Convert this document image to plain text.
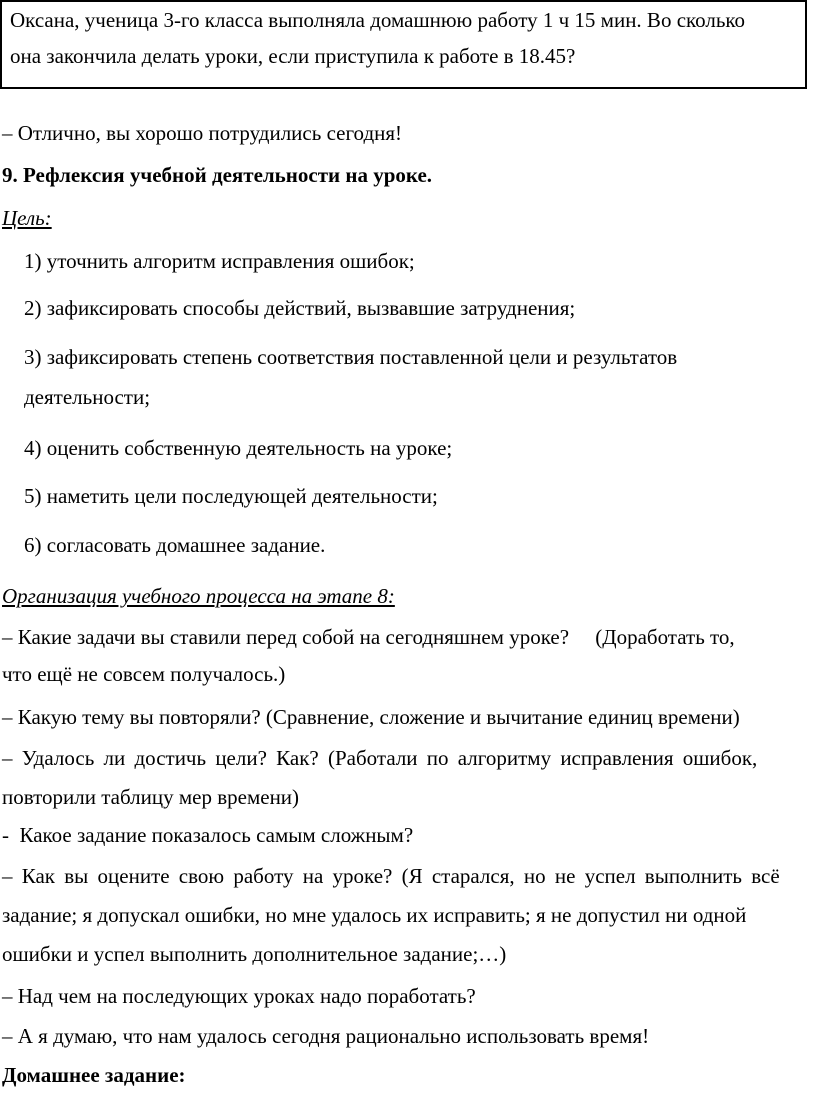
Оксана, ученица 3-го класса выполняла домашнюю работу 1 ч 15 мин. Во сколько
она закончила делать уроки, если приступила к работе в 18.45?
– Отлично, вы хорошо потрудились сегодня!
9. Рефлексия учебной деятельности на уроке.
Цель:
1) уточнить алгоритм исправления ошибок;
2) зафиксировать способы действий, вызвавшие затруднения;
3) зафиксировать степень соответствия поставленной цели и результатов
деятельности;
4) оценить собственную деятельность на уроке;
5) наметить цели последующей деятельности;
6) согласовать домашнее задание.
Организация учебного процесса на этапе 8:
– Какие задачи вы ставили перед собой на сегодняшнем уроке?     (Доработать то,
что ещё не совсем получалось.)
– Какую тему вы повторяли? (Сравнение, сложение и вычитание единиц времени)
– Удалось ли достичь цели? Как? (Работали по алгоритму исправления ошибок,
повторили таблицу мер времени)
-  Какое задание показалось самым сложным?
– Как вы оцените свою работу на уроке? (Я старался, но не успел выполнить всё
задание; я допускал ошибки, но мне удалось их исправить; я не допустил ни одной
ошибки и успел выполнить дополнительное задание;…)
– Над чем на последующих уроках надо поработать?
– А я думаю, что нам удалось сегодня рационально использовать время!
Домашнее задание:
